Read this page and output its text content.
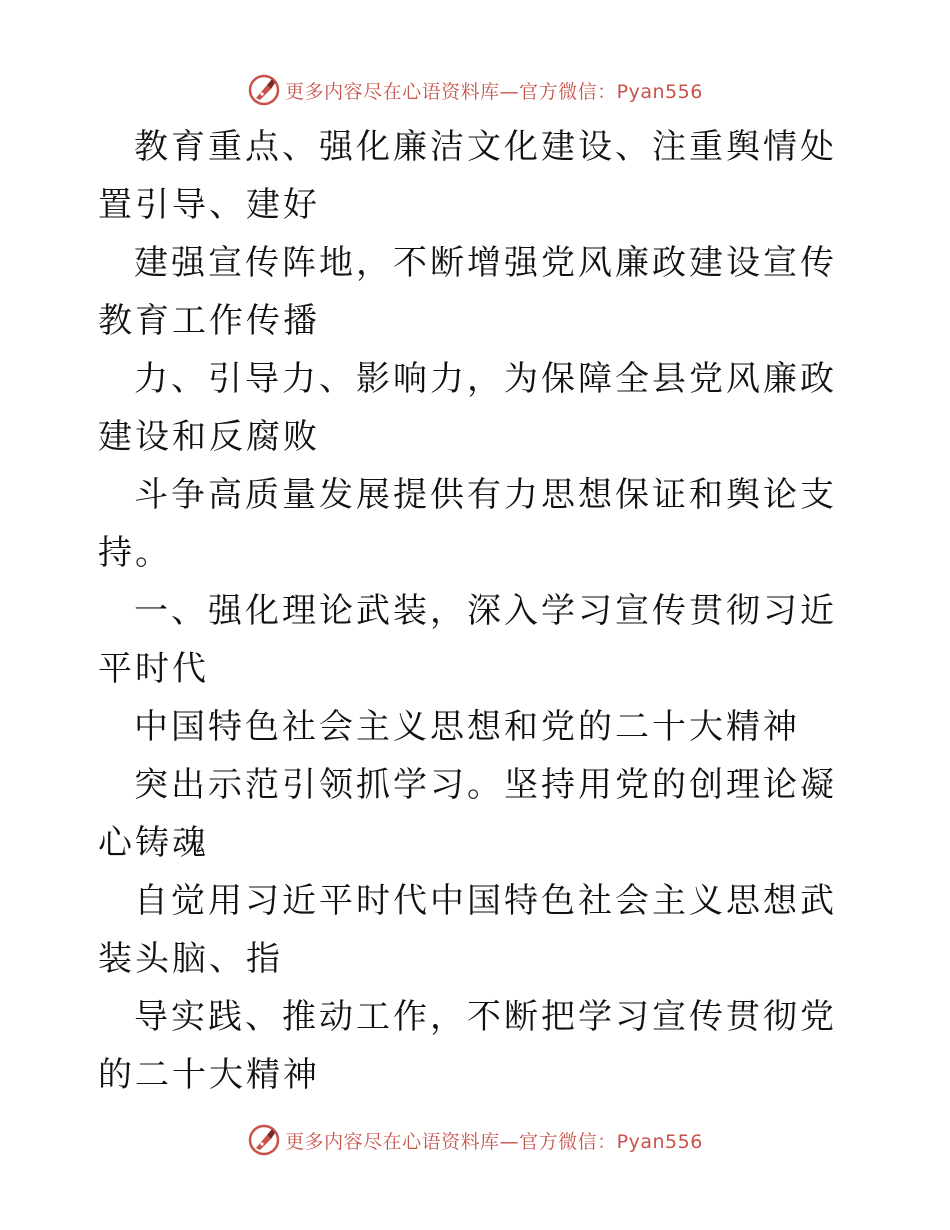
更多内容尽在心语资料库—官方微信：Pyan556

教育重点、强化廉洁文化建设、注重舆情处置引导、建好

建强宣传阵地，不断增强党风廉政建设宣传教育工作传播

力、引导力、影响力，为保障全县党风廉政建设和反腐败

斗争高质量发展提供有力思想保证和舆论支持。

一、强化理论武装，深入学习宣传贯彻习近平时代

中国特色社会主义思想和党的二十大精神

突出示范引领抓学习。坚持用党的创理论凝心铸魂

自觉用习近平时代中国特色社会主义思想武装头脑、指

导实践、推动工作，不断把学习宣传贯彻党的二十大精神

更多内容尽在心语资料库—官方微信：Pyan556
